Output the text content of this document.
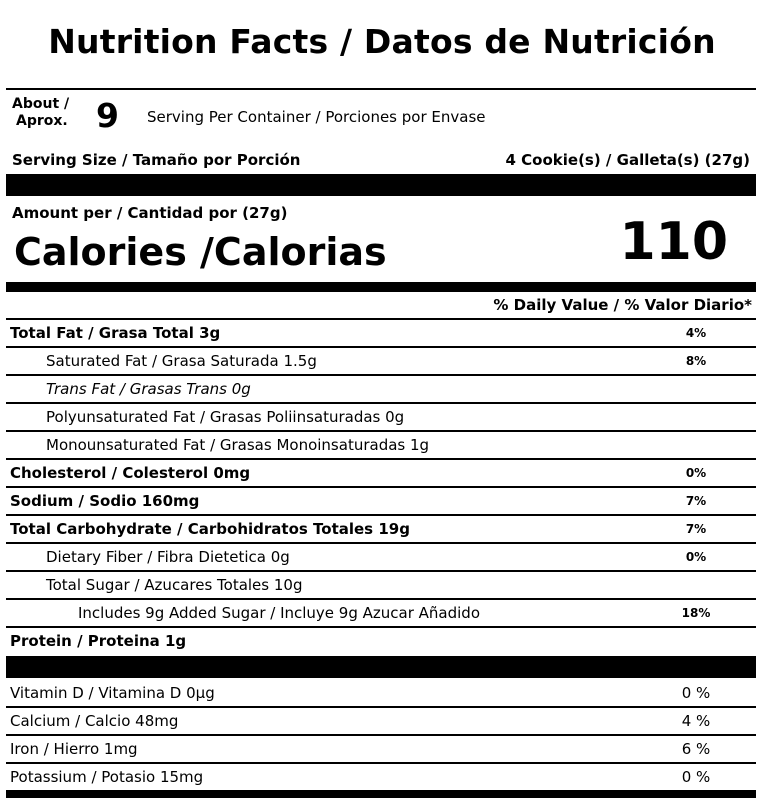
Nutrition Facts / Datos de Nutrición
About /
Aprox. 9 Serving Per Container / Porciones por Envase
Serving Size / Tamaño por Porción	4 Cookie(s) / Galleta(s) (27g)
Amount per / Cantidad por (27g)
Calories /Calorias	110
% Daily Value / % Valor Diario*
Total Fat / Grasa Total 3g	4%
Saturated Fat / Grasa Saturada 1.5g	8%
Trans Fat / Grasas Trans 0g
Polyunsaturated Fat / Grasas Poliinsaturadas 0g
Monounsaturated Fat / Grasas Monoinsaturadas 1g
Cholesterol / Colesterol 0mg	0%
Sodium / Sodio 160mg	7%
Total Carbohydrate / Carbohidratos Totales 19g	7%
Dietary Fiber / Fibra Dietetica 0g	0%
Total Sugar / Azucares Totales 10g
Includes 9g Added Sugar / Incluye 9g Azucar Añadido	18%
Protein / Proteina 1g
Vitamin D / Vitamina D 0µg	0 %
Calcium / Calcio 48mg	4 %
Iron / Hierro 1mg	6 %
Potassium / Potasio 15mg	0 %
